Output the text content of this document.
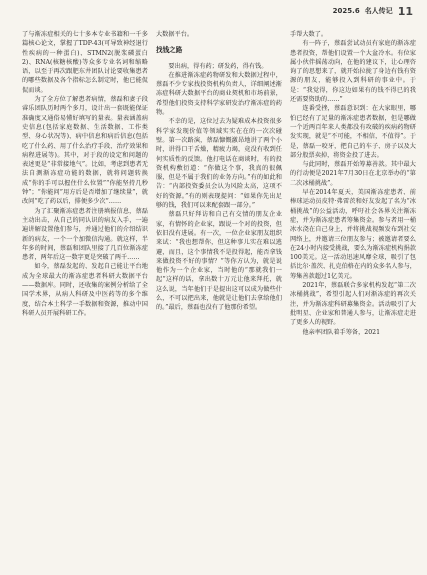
2025.6 名人传记 11

了与渐冻症相关的七十多本专业书籍和一千多篇核心论文，掌握了TDP-43(可导致神经退行性疾病的一种蛋白)、STMN2(脱浆磷蛋白2)、RNA(核糖核酸)等众多专业名词和缩略语，以至于再次跟肥东井团队讨论要收集患者的哪些数据及各个指标怎么制定时，他已能侃侃而谈。

为了全方位了解患者病情，蔡磊和妻子段睿乐团队历时两个多月，设计出一套既能保证准确度又通俗易懂好填写的量表。量表涵盖病史信息(包括家庭数据、生活数据、工作类型、身心状况等)、病中信息和病后信息(包括吃了什么药、用了什么治疗手段、治疗效果和病程进展等)。其中，对于段的设定和问题的表述更是“非常接地气”。比如，考虑到患者无法自测渐冻症功能的数据，就将问题转换成“你的手可以握住什么位置”“你能坚持几秒钟”；“你能问”用方后是否增加了继续量”，就改问“吃了药以后，排便多少次”……

为了汇聚渐冻症患者注册填报信息，蔡磊主动出击，从自己的同认识的病友入手，一遍遍讲解设置他们参与，并通过他们的介绍结识新的病友，一个一个加微信沟通。就这样，半年多的时间，蔡磊和团队里接了几百位渐冻症患者，两年后这一数字更是突破了两千……

如今，蔡磊发起的、发起自己能让平台地成为全球最大的渐冻症患者科研大数据平台——数据库。同时，还收集的案例分析给了全国学术界，从病人科研及中医药等的多个维度，结合本土科学一手数据和资源，推动中国科研人员开展科研工作。

大数据平台。

找钱之路

要出病，得有药；研发药，得有钱。

在推进渐冻症药物研发和大数据过程中，蔡磊不少专家找投资机构负责人，详细阐述渐冻症科研大数据平台的商业契机和市场前景，希望他们投资支持科学家研发治疗渐冻症的药物。

不幸的是，这位过去为疑难成本投资很多科学家发现价值等领域实实在在的一次次碰壁。第一次路演，蔡磊慷慨激昂地讲了两个小时，讲得口干舌燥，精疲力竭，竟没有收到任何实质性的反馈。他打电话在商谈时，有的投资机构敷衍道：“你做这个事，我真的很佩服，但是不属于我们的业务方向。”有的如此和告：“内部投资委员会认为风险太高，这项不好的资源。”有的则表现提问：“如果你先出足够的钱，我们可以来配套跟一部分。”

蔡磊只好拜访和自己有交情的朋友企业家，有情怀的企业家，跟说一个对的投资，但依旧没有进展。有一次，一位企业家朋友组织来试：“我也想帮你，但这种事儿实在难以逃避，而且，这个事情我不是投得起，能否拿钱来做投资不好的事情？”等你方认为，就是说他作为一个企业家，当时他的“那就我们一起”这样的话，拿出数十万元让他来拜托，就这么说，当年他们于是提出这可以成为做些什么，不可以把出来，他就是让他们去拿给他们的。”最后，蔡磊也没有了他那份希望。

手帮大数了。

有一阵子，蔡磊尝试动员有家庭的渐冻症患者投资，帮他们设置一个大盆冷水。有位家属小伙伴摇荡动向，在他的建议下，让心理咨询了的思想来了，就开始拉拢了身边有钱有资源的朋友，能够投入到科研的事业中。于是：“我觉得，你这边如果有的钱不得已的我还需要资助的……”

连番受挫，蔡磊意识到：在大家眼里，哪怕已经有了足量的渐冻症患者数据，但是哪做一个近两百年来人类都没有攻破的疾病药物研发实现，就是“不可能，不相信，不值得”。于是，蔡磊一咬牙，把自己的车子、房子以及大部分股票卖掉，将资金投了进去。

与此同时，蔡磊开始筹募善款。其中最大的行动便是2021年7月30日在北京举办的“第二次冰桶挑战”。

早在2014年夏天，美国渐冻症患者、前棒球运动员皮特·弗雷茨和好友发起了名为“冰桶挑战”的公益活动，呼吁社会各界关注渐冻症，并为渐冻症患者筹集资金。参与者用一桶冰水浇在自己身上，并将挑战视频发布到社交网络上，并邀请三位朋友参与；被邀请者要么在24小时内接受挑战，要么为渐冻症机构捐款100美元。这一活动迅速风靡全球，吸引了包括比尔·盖茨、扎克伯格在内的众多名人参与，筹集善款超过1亿美元。

2021年，蔡磊联合多家机构发起“第二次冰桶挑战”，希望引起人们对渐冻症的再次关注，并为渐冻症科研募集资金。活动吸引了大批明星、企业家和普通人参与，让渐冻症走进了更多人的视野。

他亲率团队着手筹备，2021
